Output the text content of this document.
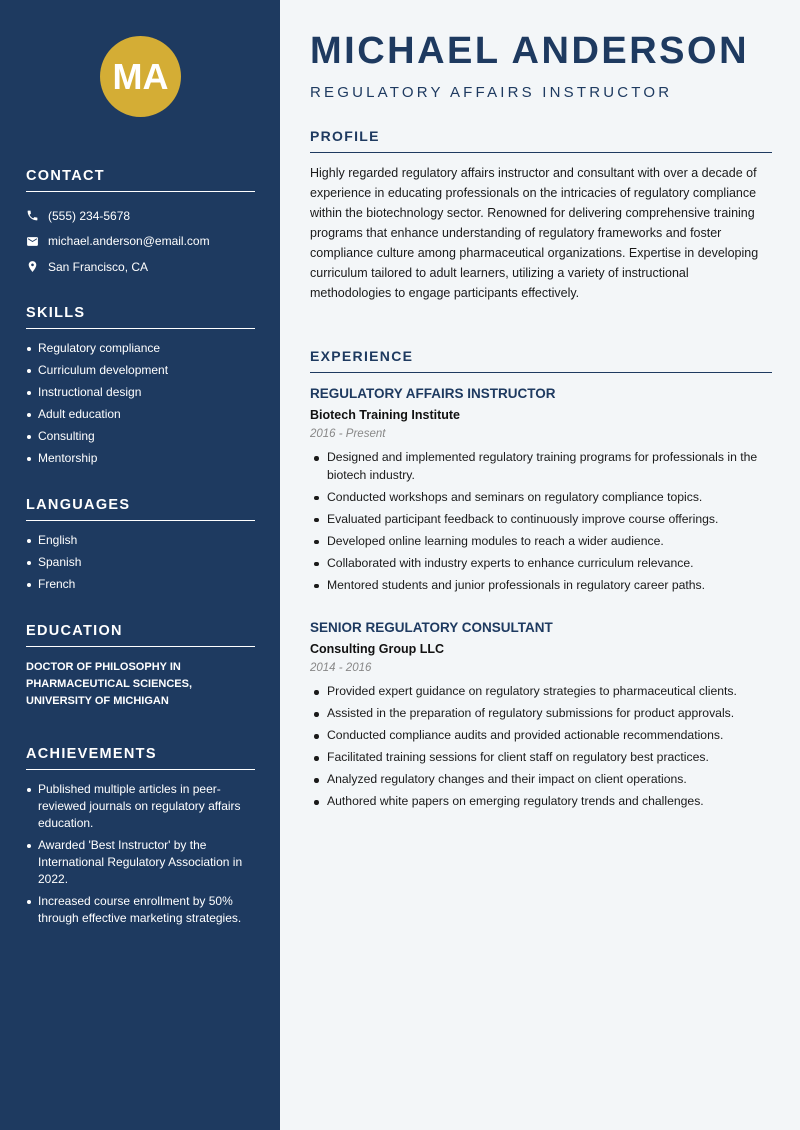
MA
CONTACT
(555) 234-5678
michael.anderson@email.com
San Francisco, CA
SKILLS
Regulatory compliance
Curriculum development
Instructional design
Adult education
Consulting
Mentorship
LANGUAGES
English
Spanish
French
EDUCATION
DOCTOR OF PHILOSOPHY IN PHARMACEUTICAL SCIENCES, UNIVERSITY OF MICHIGAN
ACHIEVEMENTS
Published multiple articles in peer-reviewed journals on regulatory affairs education.
Awarded 'Best Instructor' by the International Regulatory Association in 2022.
Increased course enrollment by 50% through effective marketing strategies.
MICHAEL ANDERSON
REGULATORY AFFAIRS INSTRUCTOR
PROFILE

Highly regarded regulatory affairs instructor and consultant with over a decade of experience in educating professionals on the intricacies of regulatory compliance within the biotechnology sector. Renowned for delivering comprehensive training programs that enhance understanding of regulatory frameworks and foster compliance culture among pharmaceutical organizations. Expertise in developing curriculum tailored to adult learners, utilizing a variety of instructional methodologies to engage participants effectively.

EXPERIENCE
REGULATORY AFFAIRS INSTRUCTOR
Biotech Training Institute
2016 - Present
Designed and implemented regulatory training programs for professionals in the biotech industry.
Conducted workshops and seminars on regulatory compliance topics.
Evaluated participant feedback to continuously improve course offerings.
Developed online learning modules to reach a wider audience.
Collaborated with industry experts to enhance curriculum relevance.
Mentored students and junior professionals in regulatory career paths.
SENIOR REGULATORY CONSULTANT
Consulting Group LLC
2014 - 2016
Provided expert guidance on regulatory strategies to pharmaceutical clients.
Assisted in the preparation of regulatory submissions for product approvals.
Conducted compliance audits and provided actionable recommendations.
Facilitated training sessions for client staff on regulatory best practices.
Analyzed regulatory changes and their impact on client operations.
Authored white papers on emerging regulatory trends and challenges.
